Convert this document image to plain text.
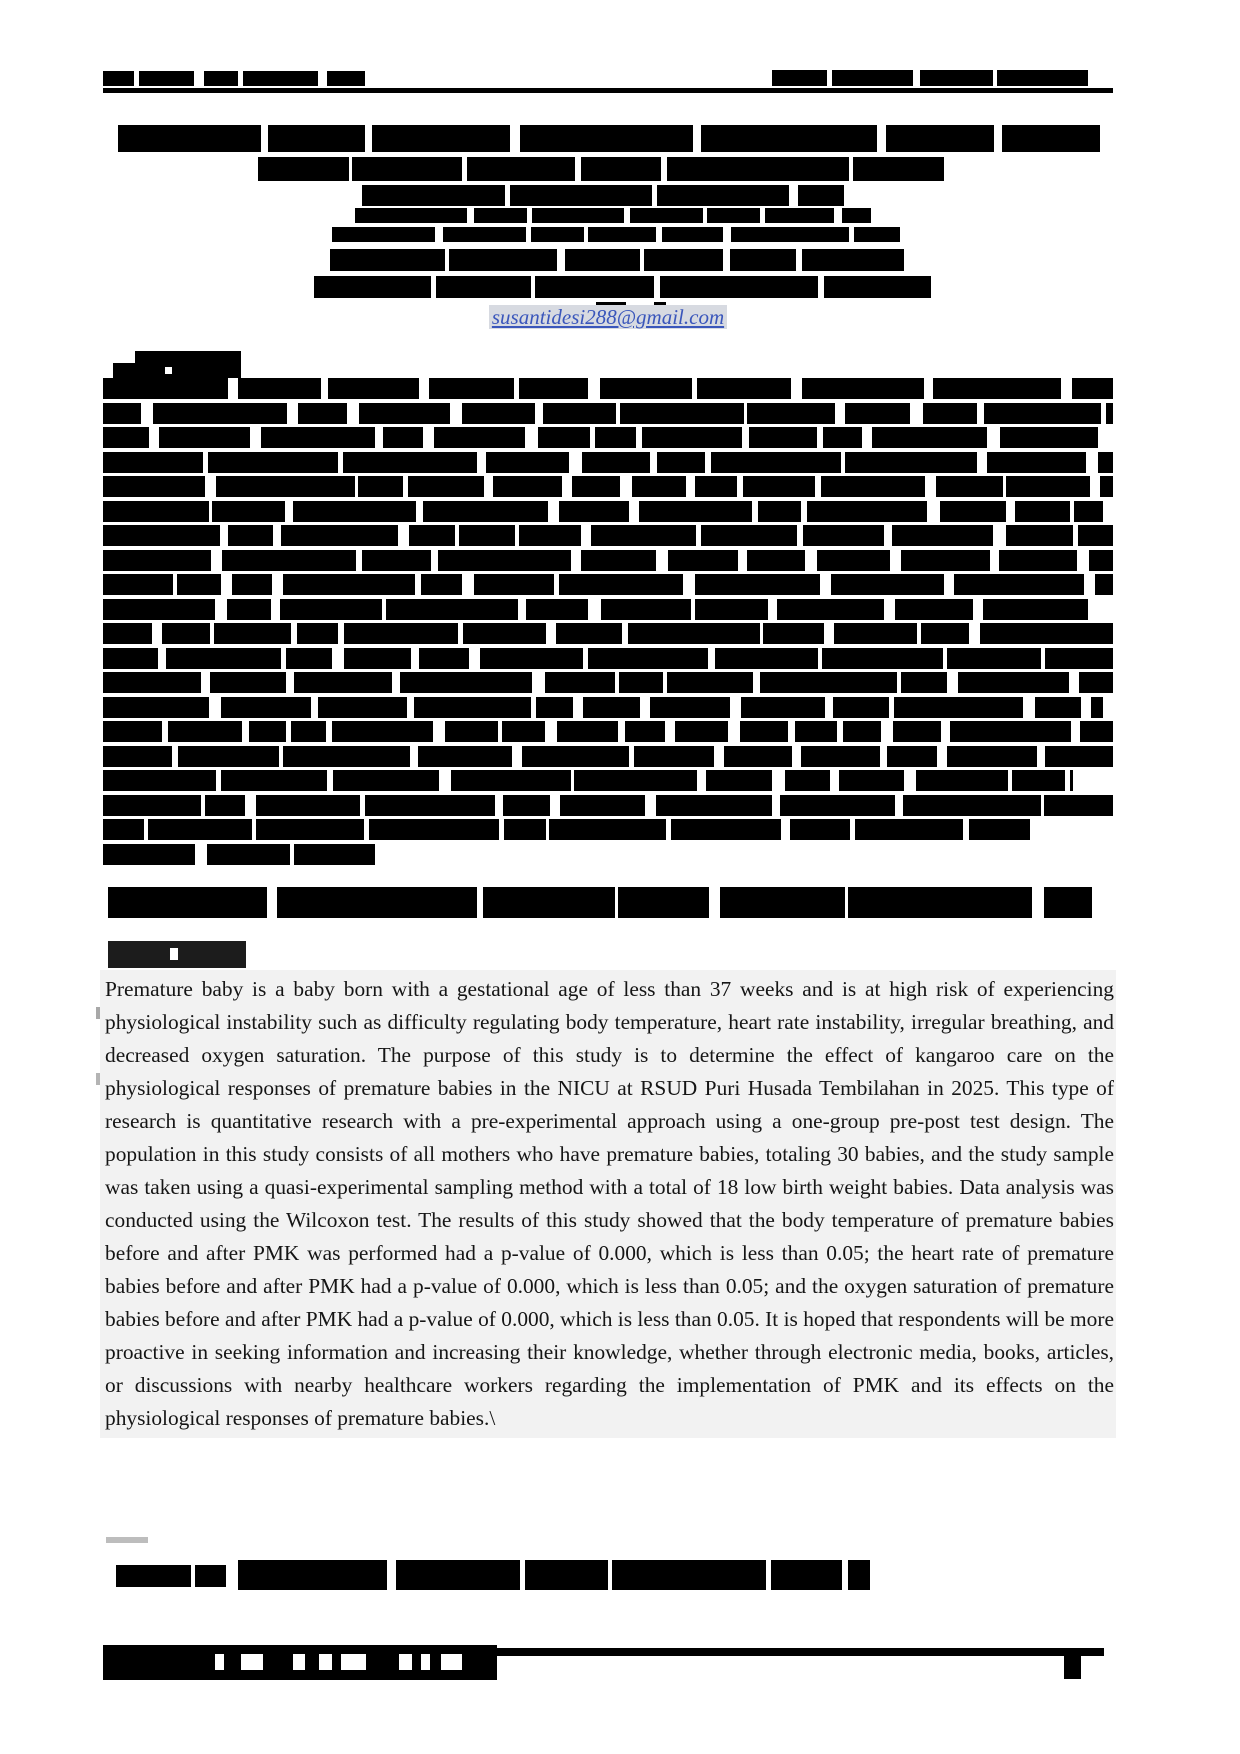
susantidesi288@gmail.com
Premature baby is a baby born with a gestational age of less than 37 weeks and is at high risk of experiencing physiological instability such as difficulty regulating body temperature, heart rate instability, irregular breathing, and decreased oxygen saturation. The purpose of this study is to determine the effect of kangaroo care on the physiological responses of premature babies in the NICU at RSUD Puri Husada Tembilahan in 2025. This type of research is quantitative research with a pre-experimental approach using a one-group pre-post test design. The population in this study consists of all mothers who have premature babies, totaling 30 babies, and the study sample was taken using a quasi-experimental sampling method with a total of 18 low birth weight babies. Data analysis was conducted using the Wilcoxon test. The results of this study showed that the body temperature of premature babies before and after PMK was performed had a p-value of 0.000, which is less than 0.05; the heart rate of premature babies before and after PMK had a p-value of 0.000, which is less than 0.05; and the oxygen saturation of premature babies before and after PMK had a p-value of 0.000, which is less than 0.05. It is hoped that respondents will be more proactive in seeking information and increasing their knowledge, whether through electronic media, books, articles, or discussions with nearby healthcare workers regarding the implementation of PMK and its effects on the physiological responses of premature babies.\
